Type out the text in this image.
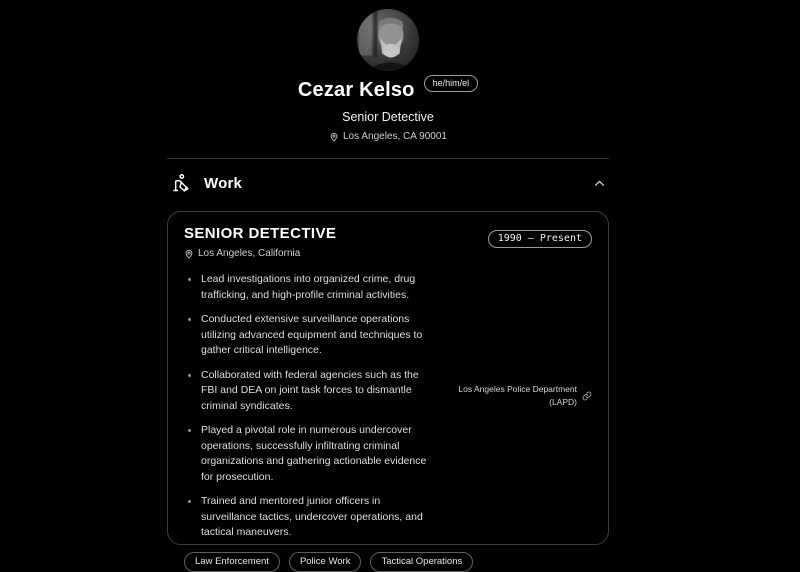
Cezar Kelso	he/him/el
Senior Detective
Los Angeles, CA 90001
Work
SENIOR DETECTIVE
Los Angeles, California
1990 – Present
Lead investigations into organized crime, drug trafficking, and high-profile criminal activities.
Conducted extensive surveillance operations utilizing advanced equipment and techniques to gather critical intelligence.
Collaborated with federal agencies such as the FBI and DEA on joint task forces to dismantle criminal syndicates.
Played a pivotal role in numerous undercover operations, successfully infiltrating criminal organizations and gathering actionable evidence for prosecution.
Trained and mentored junior officers in surveillance tactics, undercover operations, and tactical maneuvers.
Los Angeles Police Department (LAPD)
Law Enforcement	Police Work	Tactical Operations
